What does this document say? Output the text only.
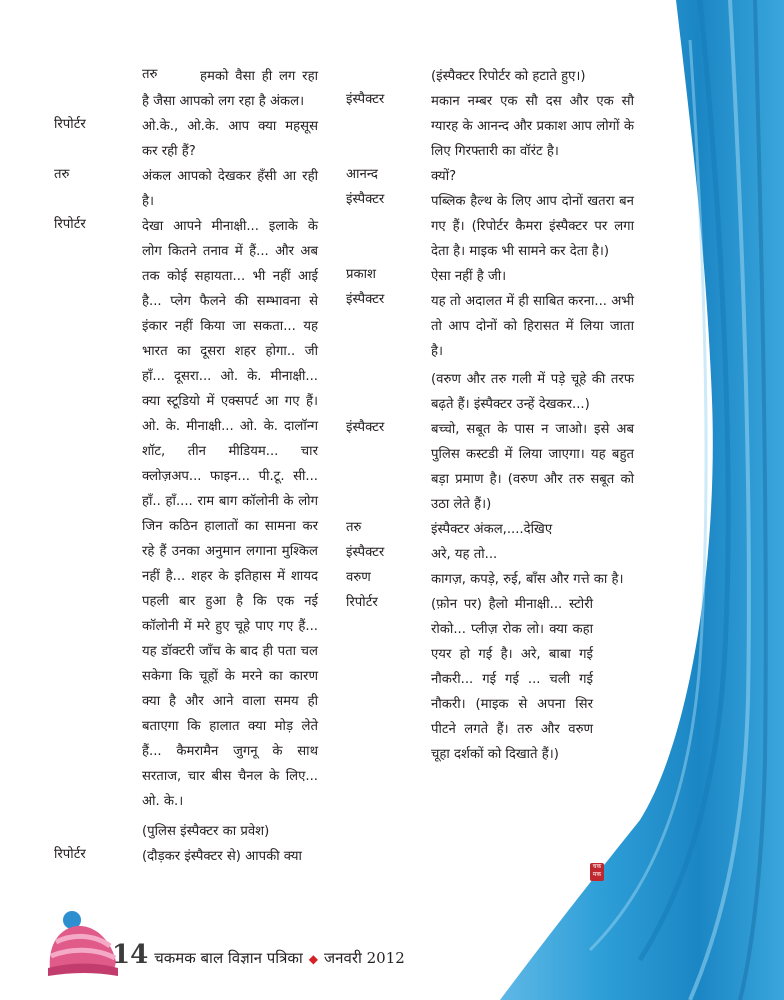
तरु	हमको वैसा ही लग रहा है जैसा आपको लग रहा है अंकल।
रिपोर्टर	ओ.के., ओ.के. आप क्या महसूस कर रही हैं?
तरु	अंकल आपको देखकर हँसी आ रही है।
रिपोर्टर	देखा आपने मीनाक्षी... इलाके के लोग कितने तनाव में हैं... और अब तक कोई सहायता... भी नहीं आई है... प्लेग फैलने की सम्भावना से इंकार नहीं किया जा सकता... यह भारत का दूसरा शहर होगा.. जी हाँ... दूसरा... ओ. के. मीनाक्षी... क्या स्टूडियो में एक्सपर्ट आ गए हैं। ओ. के. मीनाक्षी... ओ. के. दालॉन्ग शॉट, तीन मीडियम... चार क्लोज़अप... फाइन... पी.टू. सी... हाँ.. हाँ.... राम बाग कॉलोनी के लोग जिन कठिन हालातों का सामना कर रहे हैं उनका अनुमान लगाना मुश्किल नहीं है... शहर के इतिहास में शायद पहली बार हुआ है कि एक नई कॉलोनी में मरे हुए चूहे पाए गए हैं... यह डॉक्टरी जाँच के बाद ही पता चल सकेगा कि चूहों के मरने का कारण क्या है और आने वाला समय ही बताएगा कि हालात क्या मोड़ लेते हैं... कैमरामैन जुगनू के साथ सरताज, चार बीस चैनल के लिए... ओ. के.।
(पुलिस इंस्पैक्टर का प्रवेश)
रिपोर्टर	(दौड़कर इंस्पैक्टर से) आपकी क्या
(इंस्पैक्टर रिपोर्टर को हटाते हुए।)
इंस्पैक्टर	मकान नम्बर एक सौ दस और एक सौ ग्यारह के आनन्द और प्रकाश आप लोगों के लिए गिरफ्तारी का वॉरंट है।
आनन्द	क्यों?
इंस्पैक्टर	पब्लिक हैल्थ के लिए आप दोनों खतरा बन गए हैं। (रिपोर्टर कैमरा इंस्पैक्टर पर लगा देता है। माइक भी सामने कर देता है।)
प्रकाश	ऐसा नहीं है जी।
इंस्पैक्टर	यह तो अदालत में ही साबित करना... अभी तो आप दोनों को हिरासत में लिया जाता है।
(वरुण और तरु गली में पड़े चूहे की तरफ बढ़ते हैं। इंस्पैक्टर उन्हें देखकर...)
इंस्पैक्टर	बच्चो, सबूत के पास न जाओ। इसे अब पुलिस कस्टडी में लिया जाएगा। यह बहुत बड़ा प्रमाण है। (वरुण और तरु सबूत को उठा लेते हैं।)
तरु	इंस्पैक्टर अंकल,....देखिए
इंस्पैक्टर	अरे, यह तो...
वरुण	कागज़, कपड़े, रुई, बाँस और गत्ते का है।
रिपोर्टर	(फ़ोन पर) हैलो मीनाक्षी... स्टोरी रोको... प्लीज़ रोक लो। क्या कहा एयर हो गई है। अरे, बाबा गई नौकरी... गई गई ... चली गई नौकरी। (माइक से अपना सिर पीटने लगते हैं। तरु और वरुण चूहा दर्शकों को दिखाते हैं।)
चक मक
14 चकमक बाल विज्ञान पत्रिका ◆ जनवरी 2012
